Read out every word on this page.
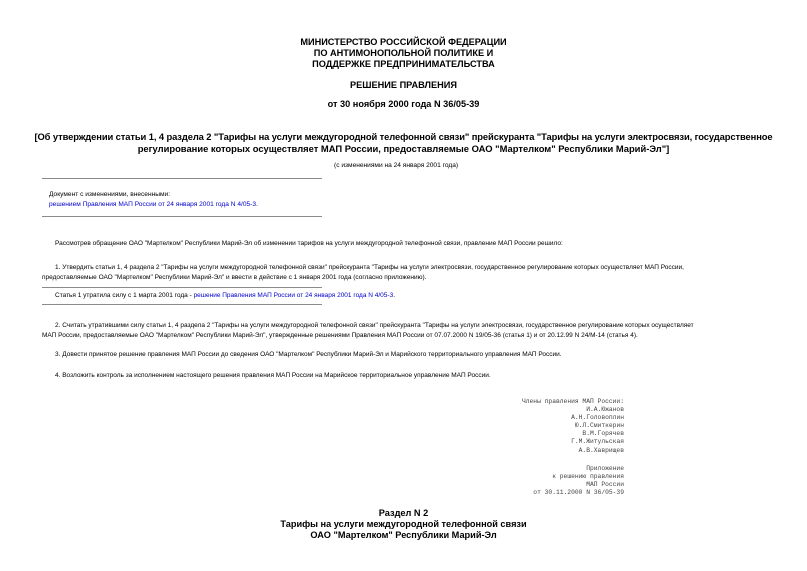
МИНИСТЕРСТВО РОССИЙСКОЙ ФЕДЕРАЦИИ
ПО АНТИМОНОПОЛЬНОЙ ПОЛИТИКЕ И
ПОДДЕРЖКЕ ПРЕДПРИНИМАТЕЛЬСТВА
РЕШЕНИЕ ПРАВЛЕНИЯ
от 30 ноября 2000 года N 36/05-39
[Об утверждении статьи 1, 4 раздела 2 "Тарифы на услуги междугородной телефонной связи" прейскуранта "Тарифы на услуги электросвязи, государственное
регулирование которых осуществляет МАП России, предоставляемые ОАО "Мартелком" Республики Марий-Эл"]
(с изменениями на 24 января 2001 года)
Документ с изменениями, внесенными:
решением Правления МАП России от 24 января 2001 года N 4/05-3.
Рассмотрев обращение ОАО "Мартелком" Республики Марий-Эл об изменении тарифов на услуги междугородной телефонной связи, правление МАП России решило:
1. Утвердить статьи 1, 4 раздела 2 "Тарифы на услуги междугородной телефонной связи" прейскуранта "Тарифы на услуги электросвязи, государственное регулирование которых осуществляет МАП России,
предоставляемые ОАО "Мартелком" Республики Марий-Эл" и ввести в действие с 1 января 2001 года (согласно приложению).
Статья 1 утратила силу с 1 марта 2001 года - решение Правления МАП России от 24 января 2001 года N 4/05-3.
2. Считать утратившими силу статьи 1, 4 раздела 2 "Тарифы на услуги междугородной телефонной связи" прейскуранта "Тарифы на услуги электросвязи, государственное регулирование которых осуществляет
МАП России, предоставляемые ОАО "Мартелком" Республики Марий-Эл", утвержденные решениями Правления МАП России от 07.07.2000 N 19/05-36 (статья 1) и от 20.12.99 N 24/М-14 (статья 4).
3. Довести принятое решение правления МАП России до сведения ОАО "Мартелком" Республики Марий-Эл и Марийского территориального управления МАП России.
4. Возложить контроль за исполнением настоящего решения правления МАП России на Марийское территориальное управление МАП России.
Члены правления МАП России:
И.А.Южанов
А.Н.Головоплин
Ю.Л.Смиткерин
В.М.Горячев
Г.М.Житульская
А.В.Хаврищев
Приложение
к решению правления
МАП России
от 30.11.2000 N 36/05-39
Раздел N 2
Тарифы на услуги междугородной телефонной связи
ОАО "Мартелком" Республики Марий-Эл
